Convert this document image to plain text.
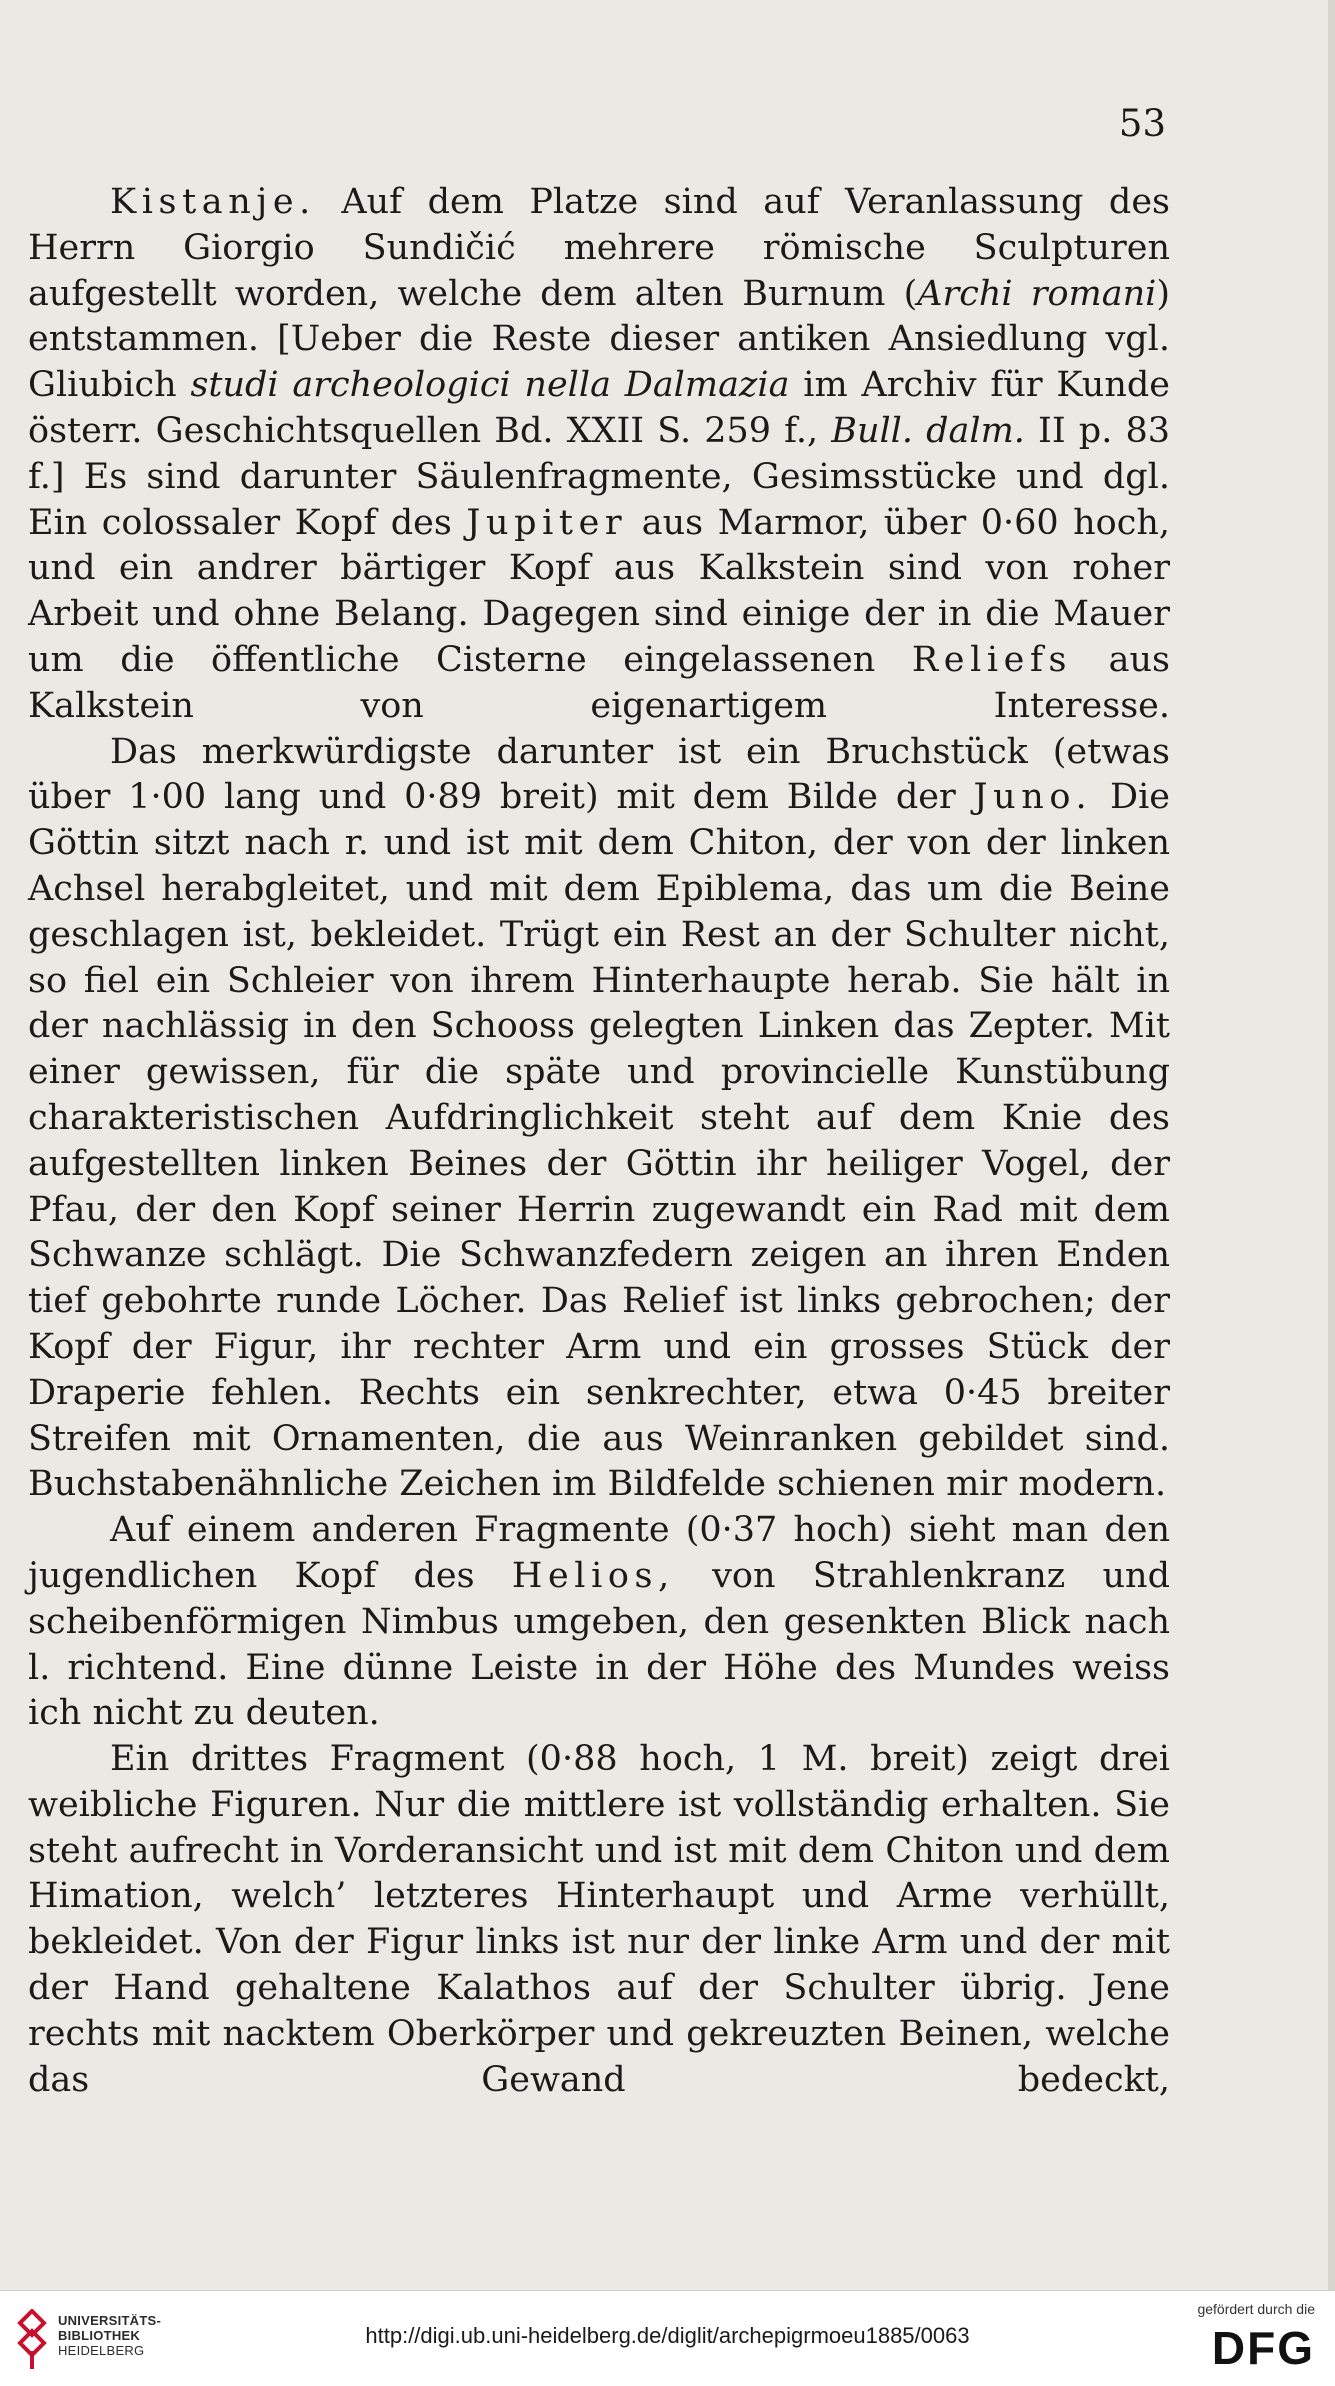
53

Kistanje. Auf dem Platze sind auf Veranlassung des Herrn Giorgio Sundičić mehrere römische Sculpturen aufgestellt worden, welche dem alten Burnum (Archi romani) entstammen. [Ueber die Reste dieser antiken Ansiedlung vgl. Gliubich studi archeologici nella Dalmazia im Archiv für Kunde österr. Geschichtsquellen Bd. XXII S. 259 f., Bull. dalm. II p. 83 f.] Es sind darunter Säulenfragmente, Gesimsstücke und dgl. Ein colossaler Kopf des Jupiter aus Marmor, über 0·60 hoch, und ein andrer bärtiger Kopf aus Kalkstein sind von roher Arbeit und ohne Belang. Dagegen sind einige der in die Mauer um die öffentliche Cisterne eingelassenen Reliefs aus Kalkstein von eigenartigem Interesse.

Das merkwürdigste darunter ist ein Bruchstück (etwas über 1·00 lang und 0·89 breit) mit dem Bilde der Juno. Die Göttin sitzt nach r. und ist mit dem Chiton, der von der linken Achsel herabgleitet, und mit dem Epiblema, das um die Beine geschlagen ist, bekleidet. Trügt ein Rest an der Schulter nicht, so fiel ein Schleier von ihrem Hinterhaupte herab. Sie hält in der nachlässig in den Schooss gelegten Linken das Zepter. Mit einer gewissen, für die späte und provincielle Kunstübung charakteristischen Aufdringlichkeit steht auf dem Knie des aufgestellten linken Beines der Göttin ihr heiliger Vogel, der Pfau, der den Kopf seiner Herrin zugewandt ein Rad mit dem Schwanze schlägt. Die Schwanzfedern zeigen an ihren Enden tief gebohrte runde Löcher. Das Relief ist links gebrochen; der Kopf der Figur, ihr rechter Arm und ein grosses Stück der Draperie fehlen. Rechts ein senkrechter, etwa 0·45 breiter Streifen mit Ornamenten, die aus Weinranken gebildet sind. Buchstabenähnliche Zeichen im Bildfelde schienen mir modern.

Auf einem anderen Fragmente (0·37 hoch) sieht man den jugendlichen Kopf des Helios, von Strahlenkranz und scheibenförmigen Nimbus umgeben, den gesenkten Blick nach l. richtend. Eine dünne Leiste in der Höhe des Mundes weiss ich nicht zu deuten.

Ein drittes Fragment (0·88 hoch, 1 M. breit) zeigt drei weibliche Figuren. Nur die mittlere ist vollständig erhalten. Sie steht aufrecht in Vorderansicht und ist mit dem Chiton und dem Himation, welch’ letzteres Hinterhaupt und Arme verhüllt, bekleidet. Von der Figur links ist nur der linke Arm und der mit der Hand gehaltene Kalathos auf der Schulter übrig. Jene rechts mit nacktem Oberkörper und gekreuzten Beinen, welche das Gewand bedeckt,

UNIVERSITÄTS-
BIBLIOTHEK
HEIDELBERG
http://digi.ub.uni-heidelberg.de/diglit/archepigrmoeu1885/0063
gefördert durch die
DFG
